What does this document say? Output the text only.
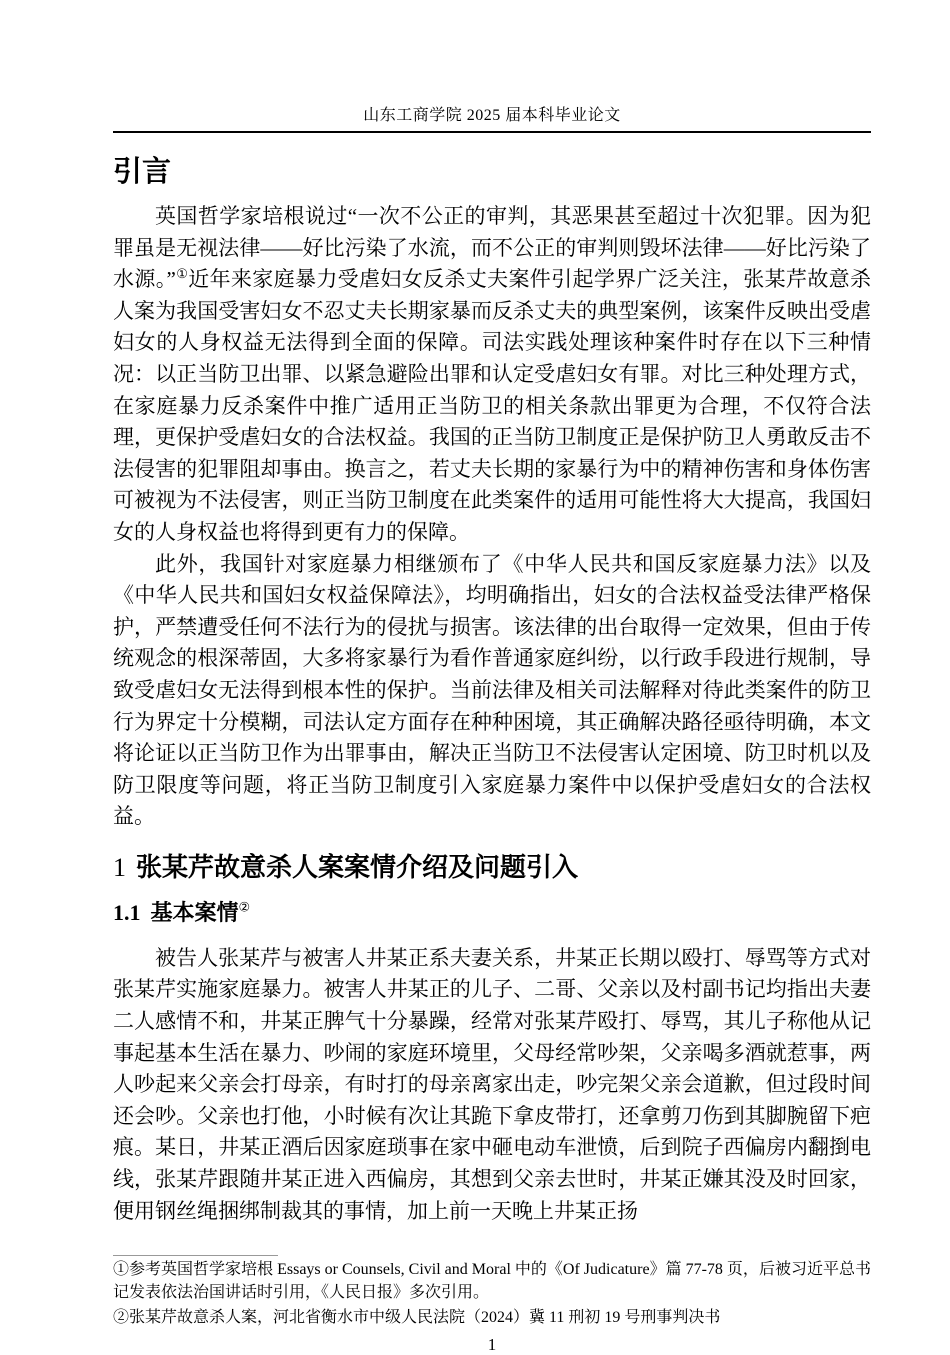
山东工商学院 2025 届本科毕业论文
引言

英国哲学家培根说过“一次不公正的审判，其恶果甚至超过十次犯罪。因为犯罪虽是无视法律——好比污染了水流，而不公正的审判则毁坏法律——好比污染了水源。”①近年来家庭暴力受虐妇女反杀丈夫案件引起学界广泛关注，张某芹故意杀人案为我国受害妇女不忍丈夫长期家暴而反杀丈夫的典型案例，该案件反映出受虐妇女的人身权益无法得到全面的保障。司法实践处理该种案件时存在以下三种情况：以正当防卫出罪、以紧急避险出罪和认定受虐妇女有罪。对比三种处理方式，在家庭暴力反杀案件中推广适用正当防卫的相关条款出罪更为合理，不仅符合法理，更保护受虐妇女的合法权益。我国的正当防卫制度正是保护防卫人勇敢反击不法侵害的犯罪阻却事由。换言之，若丈夫长期的家暴行为中的精神伤害和身体伤害可被视为不法侵害，则正当防卫制度在此类案件的适用可能性将大大提高，我国妇女的人身权益也将得到更有力的保障。

此外，我国针对家庭暴力相继颁布了《中华人民共和国反家庭暴力法》以及《中华人民共和国妇女权益保障法》，均明确指出，妇女的合法权益受法律严格保护，严禁遭受任何不法行为的侵扰与损害。该法律的出台取得一定效果，但由于传统观念的根深蒂固，大多将家暴行为看作普通家庭纠纷，以行政手段进行规制，导致受虐妇女无法得到根本性的保护。当前法律及相关司法解释对待此类案件的防卫行为界定十分模糊，司法认定方面存在种种困境，其正确解决路径亟待明确，本文将论证以正当防卫作为出罪事由，解决正当防卫不法侵害认定困境、防卫时机以及防卫限度等问题，将正当防卫制度引入家庭暴力案件中以保护受虐妇女的合法权益。

1 张某芹故意杀人案案情介绍及问题引入
1.1 基本案情②

被告人张某芹与被害人井某正系夫妻关系，井某正长期以殴打、辱骂等方式对张某芹实施家庭暴力。被害人井某正的儿子、二哥、父亲以及村副书记均指出夫妻二人感情不和，井某正脾气十分暴躁，经常对张某芹殴打、辱骂，其儿子称他从记事起基本生活在暴力、吵闹的家庭环境里，父母经常吵架，父亲喝多酒就惹事，两人吵起来父亲会打母亲，有时打的母亲离家出走，吵完架父亲会道歉，但过段时间还会吵。父亲也打他，小时候有次让其跪下拿皮带打，还拿剪刀伤到其脚腕留下疤痕。某日，井某正酒后因家庭琐事在家中砸电动车泄愤，后到院子西偏房内翻捯电线，张某芹跟随井某正进入西偏房，其想到父亲去世时，井某正嫌其没及时回家，便用钢丝绳捆绑制裁其的事情，加上前一天晚上井某正扬

①参考英国哲学家培根 Essays or Counsels, Civil and Moral 中的《Of Judicature》篇 77-78 页，后被习近平总书记发表依法治国讲话时引用，《人民日报》多次引用。
②张某芹故意杀人案，河北省衡水市中级人民法院（2024）冀 11 刑初 19 号刑事判决书
1
